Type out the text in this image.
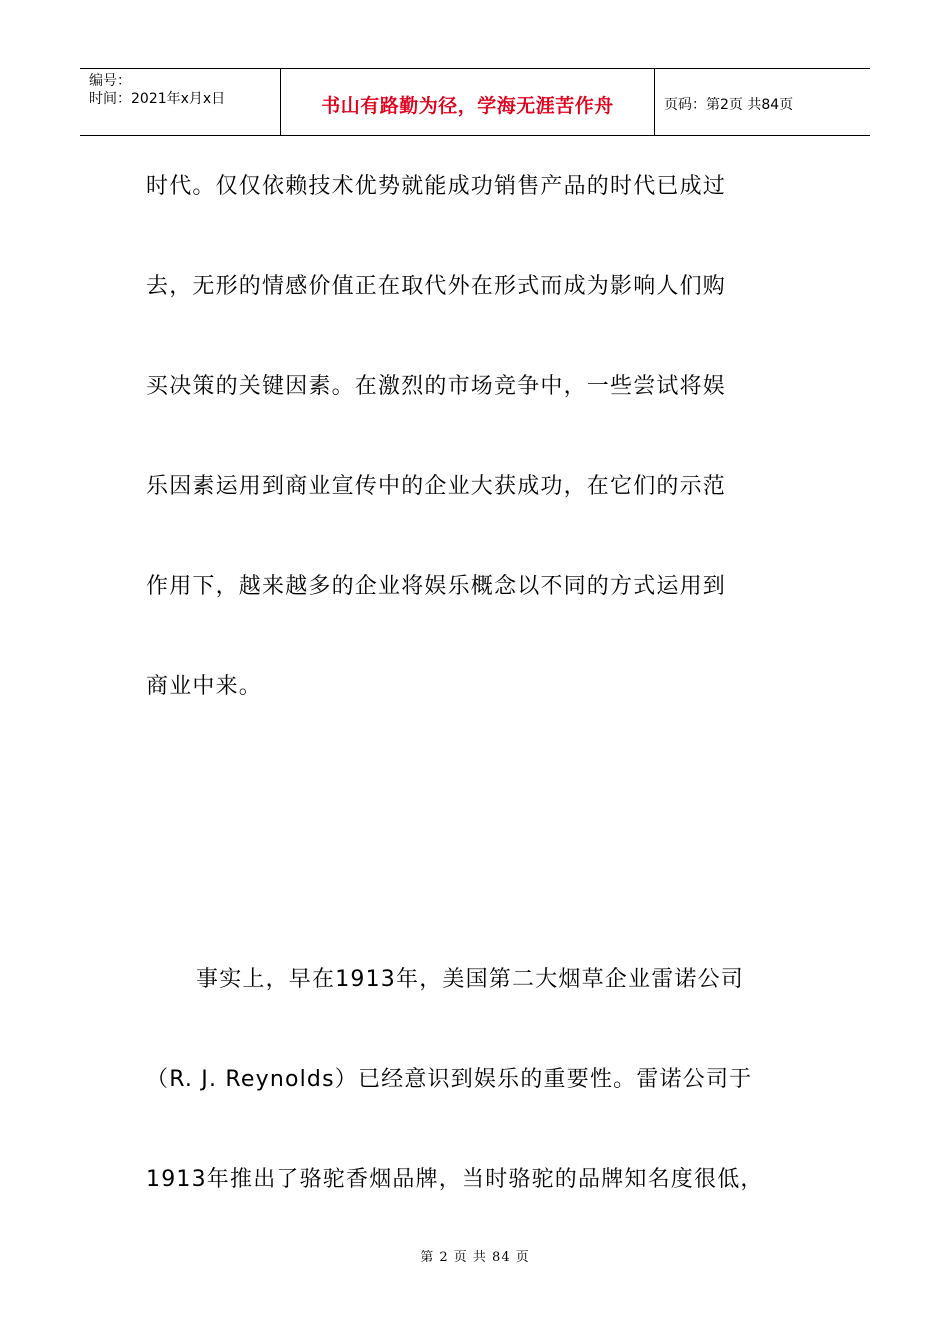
编号：
时间：2021年x月x日	书山有路勤为径，学海无涯苦作舟	页码：第2页 共84页
时代。仅仅依赖技术优势就能成功销售产品的时代已成过
去，无形的情感价值正在取代外在形式而成为影响人们购
买决策的关键因素。在激烈的市场竞争中，一些尝试将娱
乐因素运用到商业宣传中的企业大获成功，在它们的示范
作用下，越来越多的企业将娱乐概念以不同的方式运用到
商业中来。
事实上，早在1913年，美国第二大烟草企业雷诺公司
（R. J. Reynolds）已经意识到娱乐的重要性。雷诺公司于
1913年推出了骆驼香烟品牌，当时骆驼的品牌知名度很低，
第 2 页 共 84 页
